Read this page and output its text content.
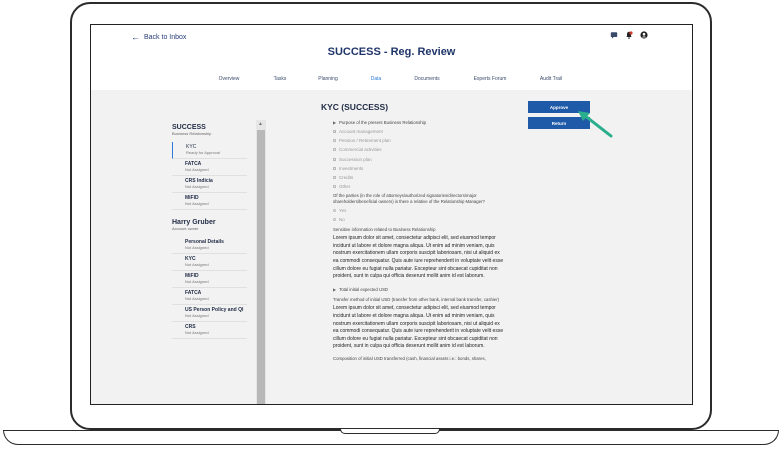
← Back to Inbox
SUCCESS - Reg. Review
Overview	Tasks	Planning	Data	Documents	Experts Forum	Audit Trail
SUCCESS
Business Relationship
KYC
Ready for Approval
FATCA
Not Assigned
CRS Indicia
Not Assigned
MiFID
Not Assigned
Harry Gruber
Account owner
Personal Details
Not Assigned
KYC
Not Assigned
MiFID
Not Assigned
FATCA
Not Assigned
US Person Policy and QI
Not Assigned
CRS
Not Assigned
▲
KYC (SUCCESS)
▶ Purpose of the present Business Relationship
✓ Account management
Pension / Retirement plan
Commercial activities
✓ Succession plan
✓ Investments
Credits
Other
Of the parties (in the role of attorneys/authorized signatories/directors/major shareholders/beneficial owners) is there a relative of the Relationship Manager?
Yes
No
Sensitive information related to Business Relationship
Lorem ipsum dolor sit amet, consectetur adipisci elit, sed eiusmod tempor incidunt ut labore et dolore magna aliqua. Ut enim ad minim veniam, quis nostrum exercitationem ullam corporis suscipit laboriosam, nisi ut aliquid ex ea commodi consequatur. Quis aute iure reprehenderit in voluptate velit esse cillum dolore eu fugiat nulla pariatur. Excepteur sint obcaecat cupiditat non proident, sunt in culpa qui officia deserunt mollit anim id est laborum.
▶ Total initial expected USD
Transfer method of initial USD (transfer from other bank, internal bank transfer, cashier)
Lorem ipsum dolor sit amet, consectetur adipisci elit, sed eiusmod tempor incidunt ut labore et dolore magna aliqua. Ut enim ad minim veniam, quis nostrum exercitationem ullam corporis suscipit laboriosam, nisi ut aliquid ex ea commodi consequatur. Quis aute iure reprehenderit in voluptate velit esse cillum dolore eu fugiat nulla pariatur. Excepteur sint obcaecat cupiditat non proident, sunt in culpa qui officia deserunt mollit anim id est laborum.
Composition of initial USD transferred (cash, financial assets i.e.: bonds, shares,
Approve
Return
